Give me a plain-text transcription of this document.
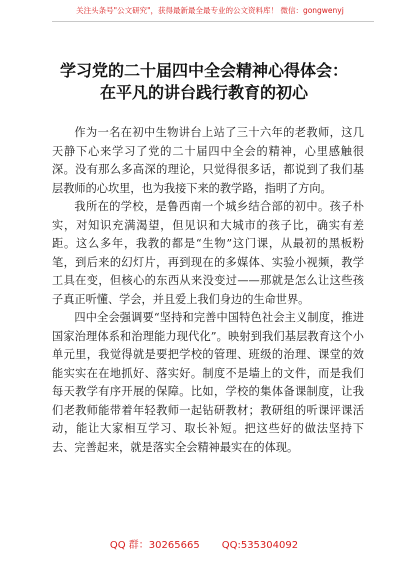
关注头条号"公文研究"，获得最新最全最专业的公文资料库！ 微信：gongwenyj
学习党的二十届四中全会精神心得体会：
在平凡的讲台践行教育的初心

作为一名在初中生物讲台上站了三十六年的老教师，这几天静下心来学习了党的二十届四中全会的精神，心里感触很深。没有那么多高深的理论，只觉得很多话，都说到了我们基层教师的心坎里，也为我接下来的教学路，指明了方向。

我所在的学校，是鲁西南一个城乡结合部的初中。孩子朴实，对知识充满渴望，但见识和大城市的孩子比，确实有差距。这么多年，我教的都是“生物”这门课，从最初的黑板粉笔，到后来的幻灯片，再到现在的多媒体、实验小视频，教学工具在变，但核心的东西从来没变过——那就是怎么让这些孩子真正听懂、学会，并且爱上我们身边的生命世界。

四中全会强调要“坚持和完善中国特色社会主义制度，推进国家治理体系和治理能力现代化”。映射到我们基层教育这个小单元里，我觉得就是要把学校的管理、班级的治理、课堂的效能实实在在地抓好、落实好。制度不是墙上的文件，而是我们每天教学有序开展的保障。比如，学校的集体备课制度，让我们老教师能带着年轻教师一起钻研教材；教研组的听课评课活动，能让大家相互学习、取长补短。把这些好的做法坚持下去、完善起来，就是落实全会精神最实在的体现。

QQ 群：30265665 QQ:535304092
